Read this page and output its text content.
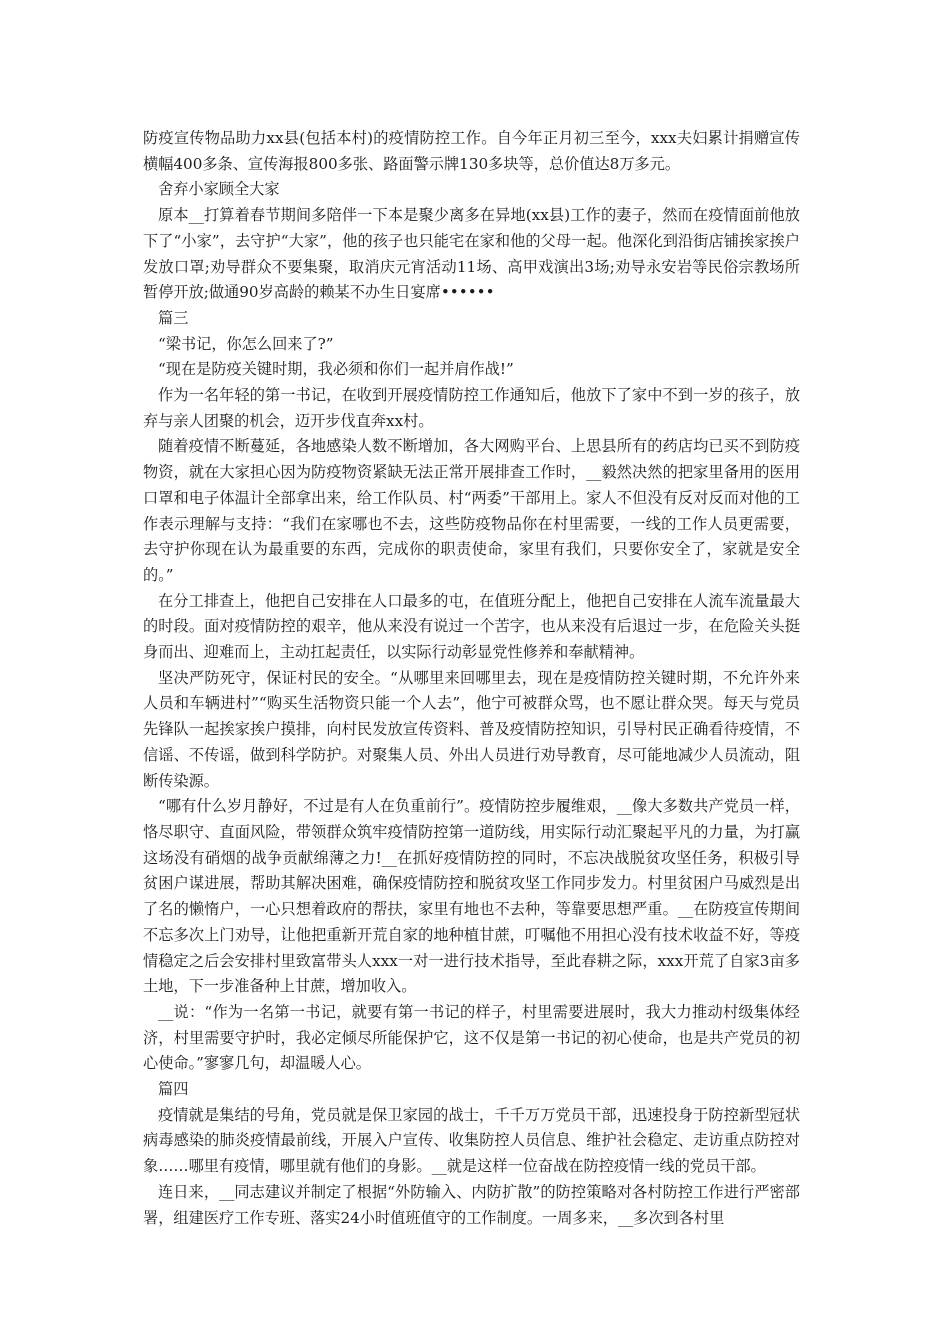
防疫宣传物品助力xx县(包括本村)的疫情防控工作。自今年正月初三至今，xxx夫妇累计捐赠宣传横幅400多条、宣传海报800多张、路面警示牌130多块等，总价值达8万多元。

舍弃小家顾全大家

原本__打算着春节期间多陪伴一下本是聚少离多在异地(xx县)工作的妻子，然而在疫情面前他放下了“小家”，去守护“大家”，他的孩子也只能宅在家和他的父母一起。他深化到沿街店铺挨家挨户发放口罩;劝导群众不要集聚，取消庆元宵活动11场、高甲戏演出3场;劝导永安岩等民俗宗教场所暂停开放;做通90岁高龄的赖某不办生日宴席••••••

篇三

“梁书记，你怎么回来了?”

“现在是防疫关键时期，我必须和你们一起并肩作战!”

作为一名年轻的第一书记，在收到开展疫情防控工作通知后，他放下了家中不到一岁的孩子，放弃与亲人团聚的机会，迈开步伐直奔xx村。

随着疫情不断蔓延，各地感染人数不断增加，各大网购平台、上思县所有的药店均已买不到防疫物资，就在大家担心因为防疫物资紧缺无法正常开展排查工作时，__毅然决然的把家里备用的医用口罩和电子体温计全部拿出来，给工作队员、村“两委”干部用上。家人不但没有反对反而对他的工作表示理解与支持：“我们在家哪也不去，这些防疫物品你在村里需要，一线的工作人员更需要，去守护你现在认为最重要的东西，完成你的职责使命，家里有我们，只要你安全了，家就是安全的。”

在分工排查上，他把自己安排在人口最多的屯，在值班分配上，他把自己安排在人流车流量最大的时段。面对疫情防控的艰辛，他从来没有说过一个苦字，也从来没有后退过一步，在危险关头挺身而出、迎难而上，主动扛起责任，以实际行动彰显党性修养和奉献精神。

坚决严防死守，保证村民的安全。“从哪里来回哪里去，现在是疫情防控关键时期，不允许外来人员和车辆进村”“购买生活物资只能一个人去”，他宁可被群众骂，也不愿让群众哭。每天与党员先锋队一起挨家挨户摸排，向村民发放宣传资料、普及疫情防控知识，引导村民正确看待疫情，不信谣、不传谣，做到科学防护。对聚集人员、外出人员进行劝导教育，尽可能地减少人员流动，阻断传染源。

“哪有什么岁月静好，不过是有人在负重前行”。疫情防控步履维艰，__像大多数共产党员一样，恪尽职守、直面风险，带领群众筑牢疫情防控第一道防线，用实际行动汇聚起平凡的力量，为打赢这场没有硝烟的战争贡献绵薄之力!__在抓好疫情防控的同时，不忘决战脱贫攻坚任务，积极引导贫困户谋进展，帮助其解决困难，确保疫情防控和脱贫攻坚工作同步发力。村里贫困户马威烈是出了名的懒惰户，一心只想着政府的帮扶，家里有地也不去种，等靠要思想严重。__在防疫宣传期间不忘多次上门劝导，让他把重新开荒自家的地种植甘蔗，叮嘱他不用担心没有技术收益不好，等疫情稳定之后会安排村里致富带头人xxx一对一进行技术指导，至此春耕之际，xxx开荒了自家3亩多土地，下一步准备种上甘蔗，增加收入。

__说：“作为一名第一书记，就要有第一书记的样子，村里需要进展时，我大力推动村级集体经济，村里需要守护时，我必定倾尽所能保护它，这不仅是第一书记的初心使命，也是共产党员的初心使命。”寥寥几句，却温暖人心。

篇四

疫情就是集结的号角，党员就是保卫家园的战士，千千万万党员干部，迅速投身于防控新型冠状病毒感染的肺炎疫情最前线，开展入户宣传、收集防控人员信息、维护社会稳定、走访重点防控对象……哪里有疫情，哪里就有他们的身影。__就是这样一位奋战在防控疫情一线的党员干部。

连日来，__同志建议并制定了根据“外防输入、内防扩散”的防控策略对各村防控工作进行严密部署，组建医疗工作专班、落实24小时值班值守的工作制度。一周多来，__多次到各村里
